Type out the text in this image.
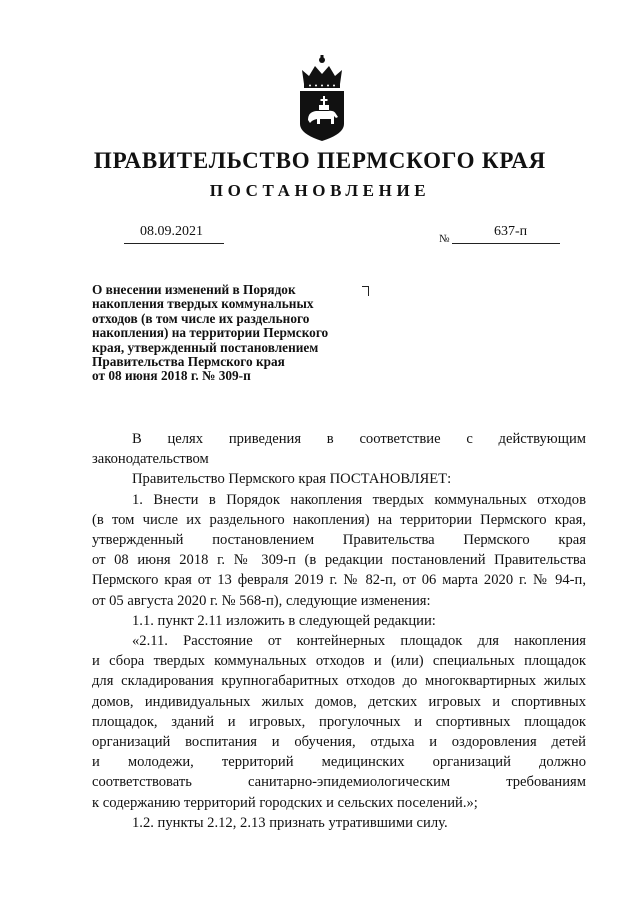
ПРАВИТЕЛЬСТВО ПЕРМСКОГО КРАЯ
ПОСТАНОВЛЕНИЕ
08.09.2021	№	637-п
О внесении изменений в Порядок
накопления твердых коммунальных
отходов (в том числе их раздельного
накопления) на территории Пермского
края, утвержденный постановлением
Правительства Пермского края
от 08 июня 2018 г. № 309-п

В целях приведения в соответствие с действующим

законодательством

Правительство Пермского края ПОСТАНОВЛЯЕТ:

1. Внести в Порядок накопления твердых коммунальных отходов

(в том числе их раздельного накопления) на территории Пермского края,

утвержденный постановлением Правительства Пермского края

от 08 июня 2018 г. № 309-п (в редакции постановлений Правительства

Пермского края от 13 февраля 2019 г. № 82-п, от 06 марта 2020 г. № 94-п,

от 05 августа 2020 г. № 568-п), следующие изменения:

1.1. пункт 2.11 изложить в следующей редакции:

«2.11. Расстояние от контейнерных площадок для накопления

и сбора твердых коммунальных отходов и (или) специальных площадок

для складирования крупногабаритных отходов до многоквартирных жилых

домов, индивидуальных жилых домов, детских игровых и спортивных

площадок, зданий и игровых, прогулочных и спортивных площадок

организаций воспитания и обучения, отдыха и оздоровления детей

и молодежи, территорий медицинских организаций должно

соответствовать санитарно-эпидемиологическим требованиям

к содержанию территорий городских и сельских поселений.»;

1.2. пункты 2.12, 2.13 признать утратившими силу.
